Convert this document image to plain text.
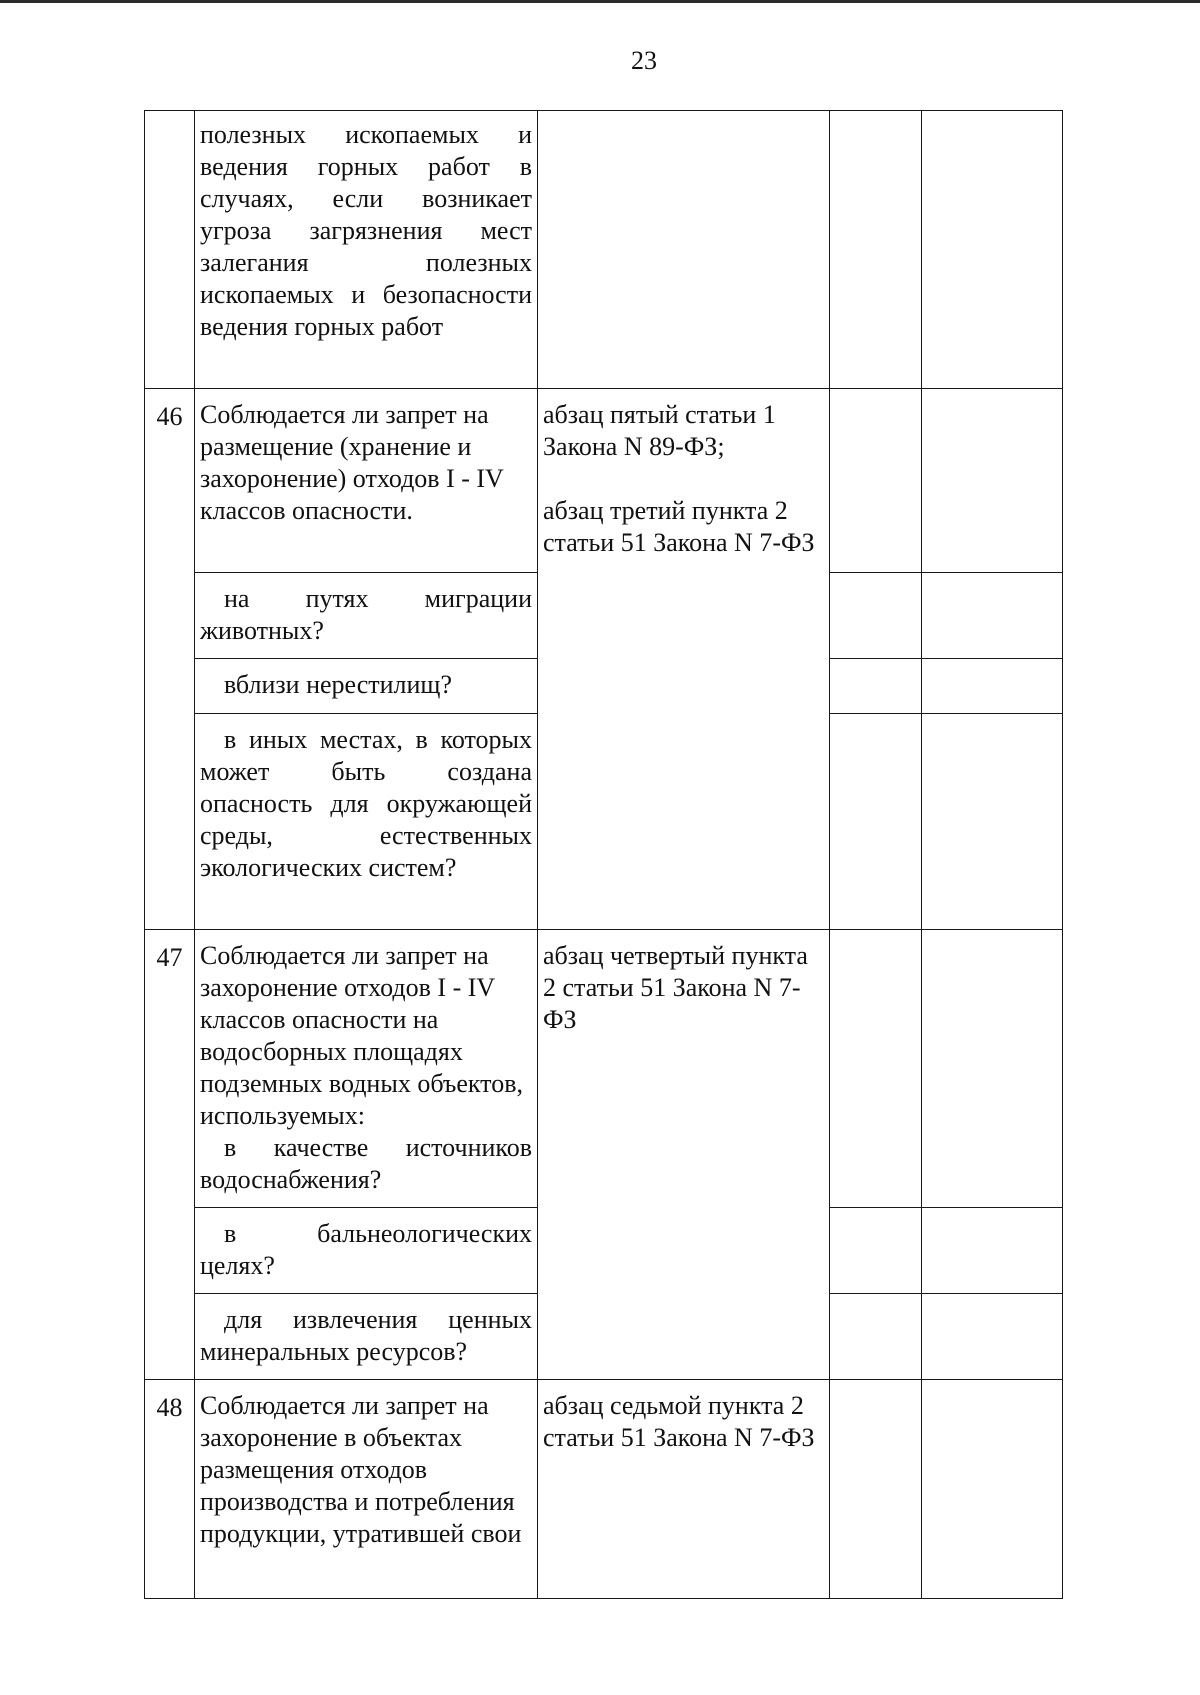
23
	полезных ископаемых и ведения горных работ в случаях, если возникает угроза загрязнения мест залегания полезных ископаемых и безопасности ведения горных работ			
46	Соблюдается ли запрет на размещение (хранение и захоронение) отходов I - IV классов опасности.	абзац пятый статьи 1 Закона N 89-ФЗ;
абзац третий пункта 2 статьи 51 Закона N 7-ФЗ		
	на путях миграции животных?			
	вблизи нерестилищ?			
	в иных местах, в которых может быть создана опасность для окружающей среды, естественных экологических систем?			
47	Соблюдается ли запрет на захоронение отходов I - IV классов опасности на водосборных площадях подземных водных объектов, используемых:
в качестве источников водоснабжения?	абзац четвертый пункта 2 статьи 51 Закона N 7-ФЗ		
	в бальнеологических целях?			
	для извлечения ценных минеральных ресурсов?			
48	Соблюдается ли запрет на захоронение в объектах размещения отходов производства и потребления продукции, утратившей свои	абзац седьмой пункта 2 статьи 51 Закона N 7-ФЗ		
